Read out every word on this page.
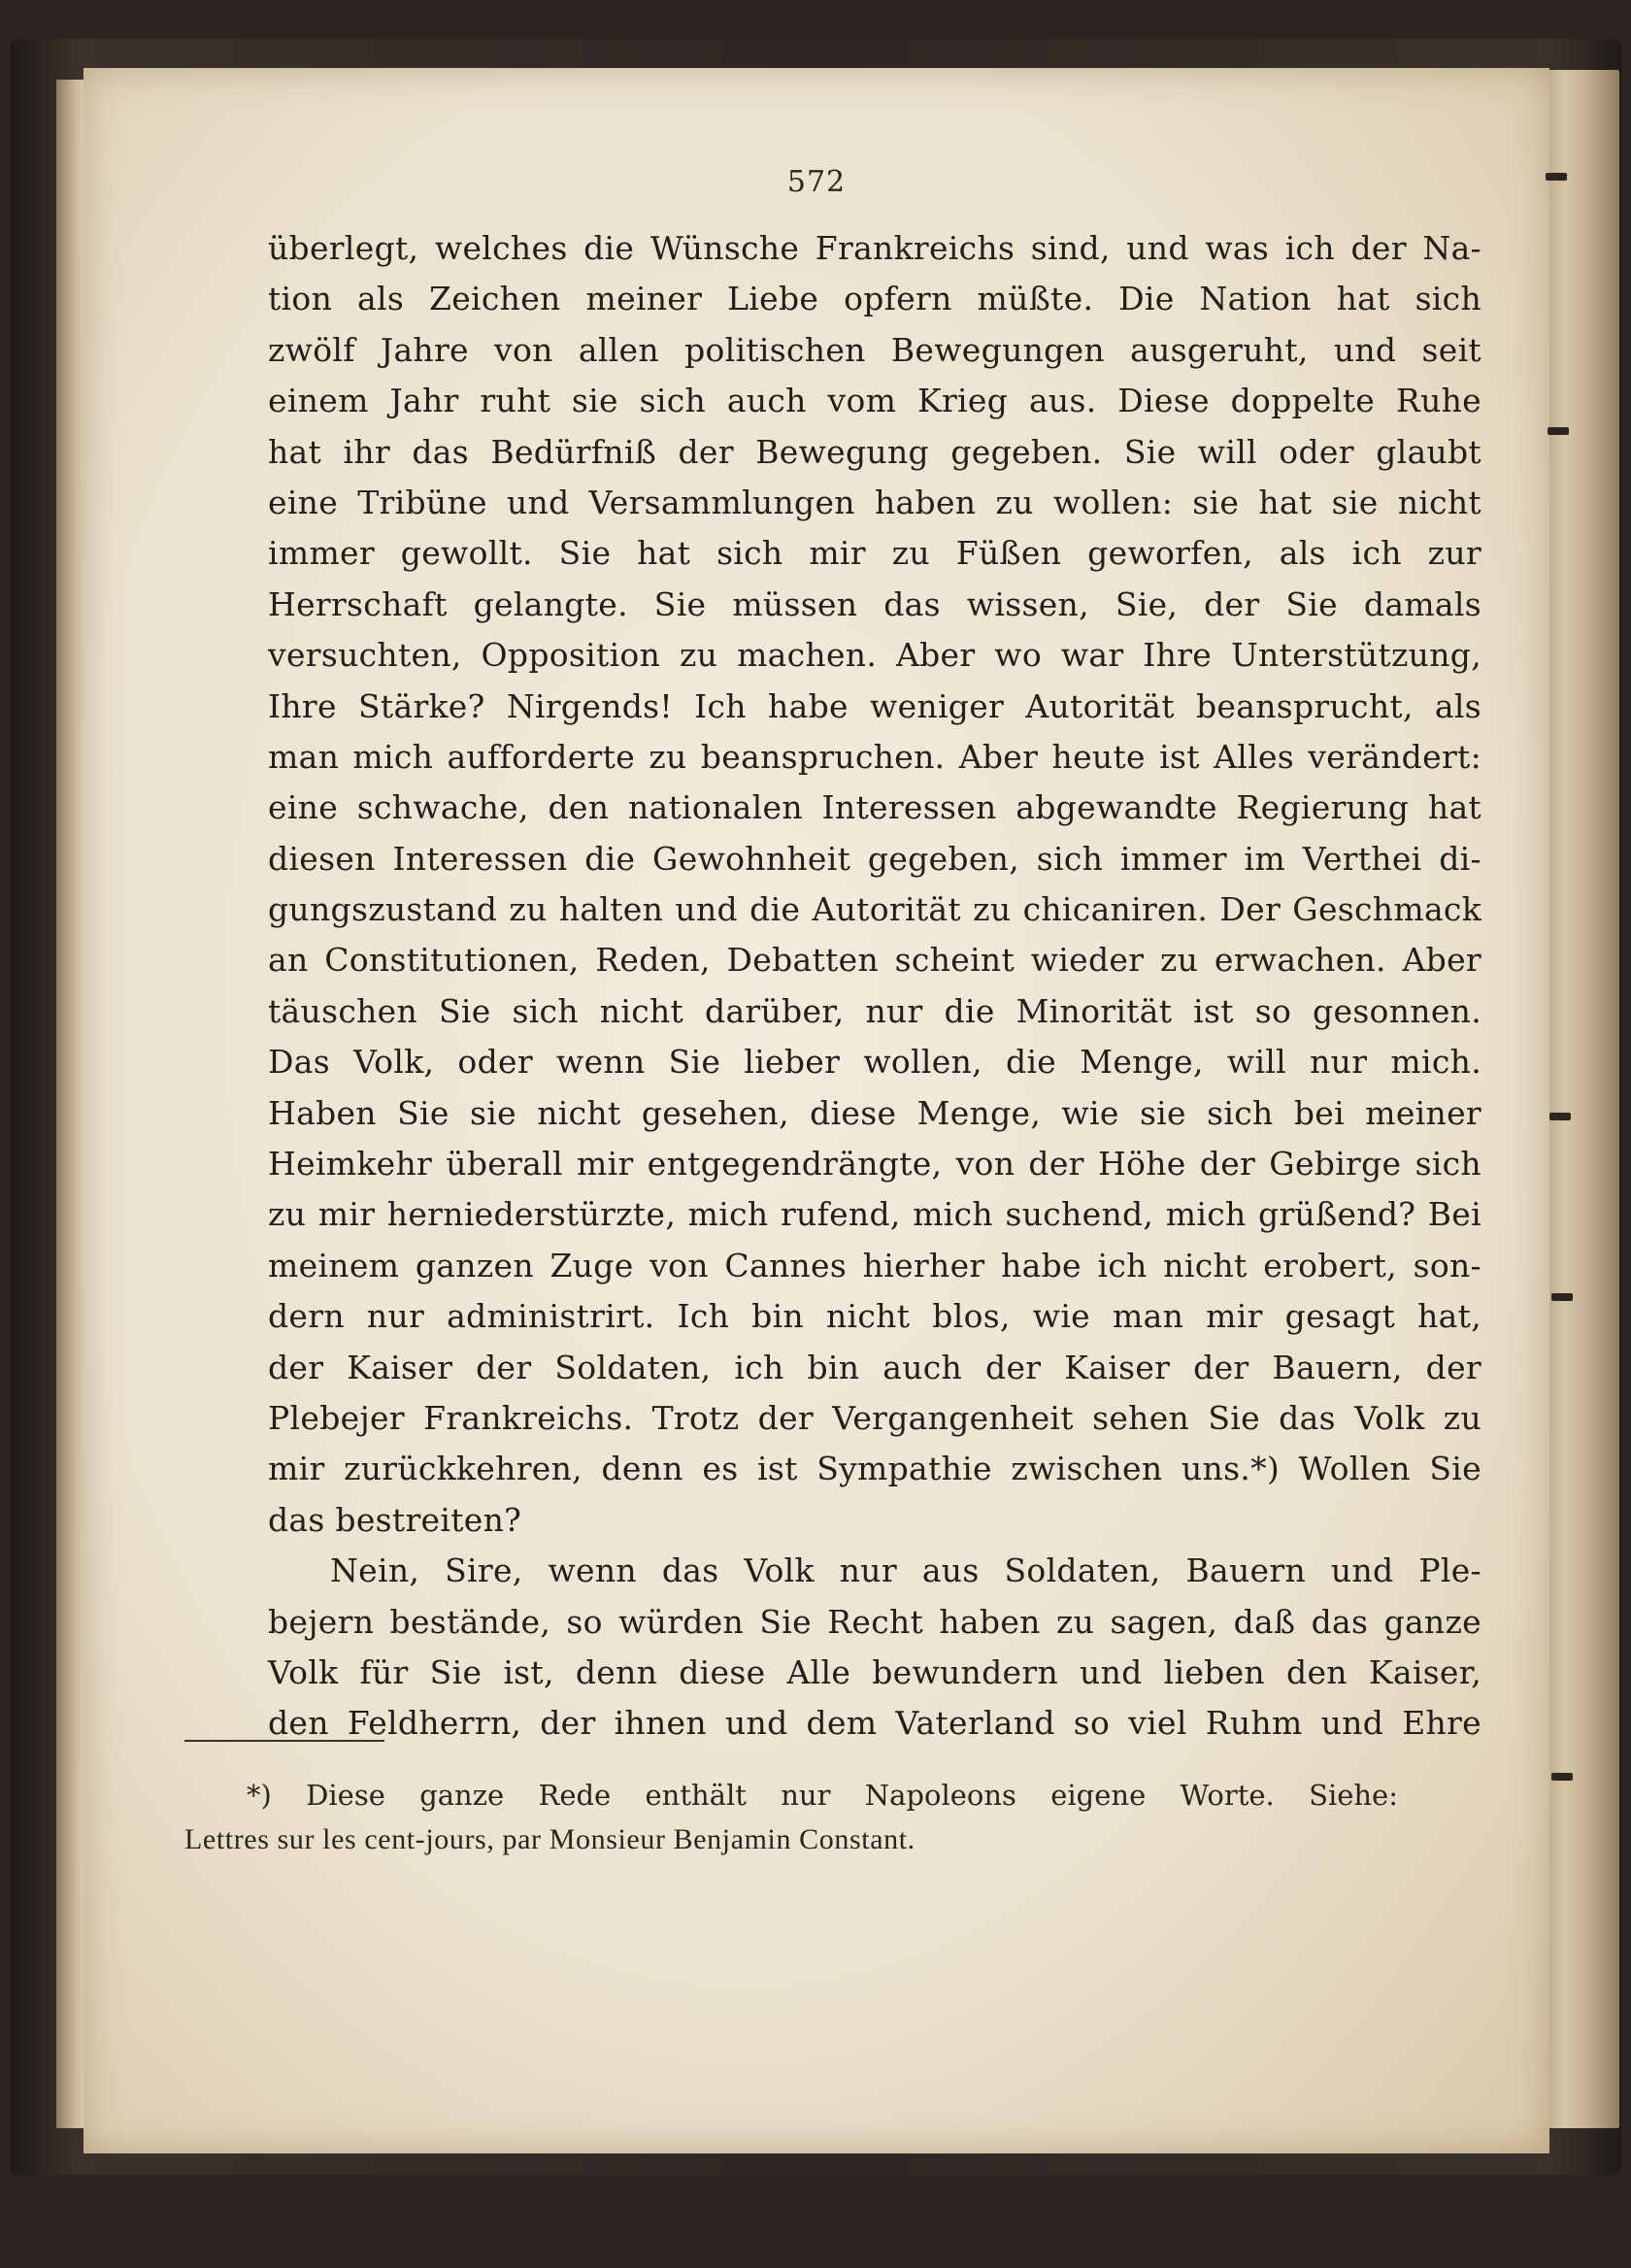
572
überlegt, welches die Wünsche Frankreichs sind, und was ich der Na-
tion als Zeichen meiner Liebe opfern müßte. Die Nation hat sich
zwölf Jahre von allen politischen Bewegungen ausgeruht, und seit
einem Jahr ruht sie sich auch vom Krieg aus. Diese doppelte Ruhe
hat ihr das Bedürfniß der Bewegung gegeben. Sie will oder glaubt
eine Tribüne und Versammlungen haben zu wollen: sie hat sie nicht
immer gewollt. Sie hat sich mir zu Füßen geworfen, als ich zur
Herrschaft gelangte. Sie müssen das wissen, Sie, der Sie damals
versuchten, Opposition zu machen. Aber wo war Ihre Unterstützung,
Ihre Stärke? Nirgends! Ich habe weniger Autorität beansprucht, als
man mich aufforderte zu beanspruchen. Aber heute ist Alles verändert:
eine schwache, den nationalen Interessen abgewandte Regierung hat
diesen Interessen die Gewohnheit gegeben, sich immer im Verthei di-
gungszustand zu halten und die Autorität zu chicaniren. Der Geschmack
an Constitutionen, Reden, Debatten scheint wieder zu erwachen. Aber
täuschen Sie sich nicht darüber, nur die Minorität ist so gesonnen.
Das Volk, oder wenn Sie lieber wollen, die Menge, will nur mich.
Haben Sie sie nicht gesehen, diese Menge, wie sie sich bei meiner
Heimkehr überall mir entgegendrängte, von der Höhe der Gebirge sich
zu mir herniederstürzte, mich rufend, mich suchend, mich grüßend? Bei
meinem ganzen Zuge von Cannes hierher habe ich nicht erobert, son-
dern nur administrirt. Ich bin nicht blos, wie man mir gesagt hat,
der Kaiser der Soldaten, ich bin auch der Kaiser der Bauern, der
Plebejer Frankreichs. Trotz der Vergangenheit sehen Sie das Volk zu
mir zurückkehren, denn es ist Sympathie zwischen uns.*) Wollen Sie
das bestreiten?
Nein, Sire, wenn das Volk nur aus Soldaten, Bauern und Ple-
bejern bestände, so würden Sie Recht haben zu sagen, daß das ganze
Volk für Sie ist, denn diese Alle bewundern und lieben den Kaiser,
den Feldherrn, der ihnen und dem Vaterland so viel Ruhm und Ehre
*) Diese ganze Rede enthält nur Napoleons eigene Worte. Siehe:
Lettres sur les cent-jours, par Monsieur Benjamin Constant.
